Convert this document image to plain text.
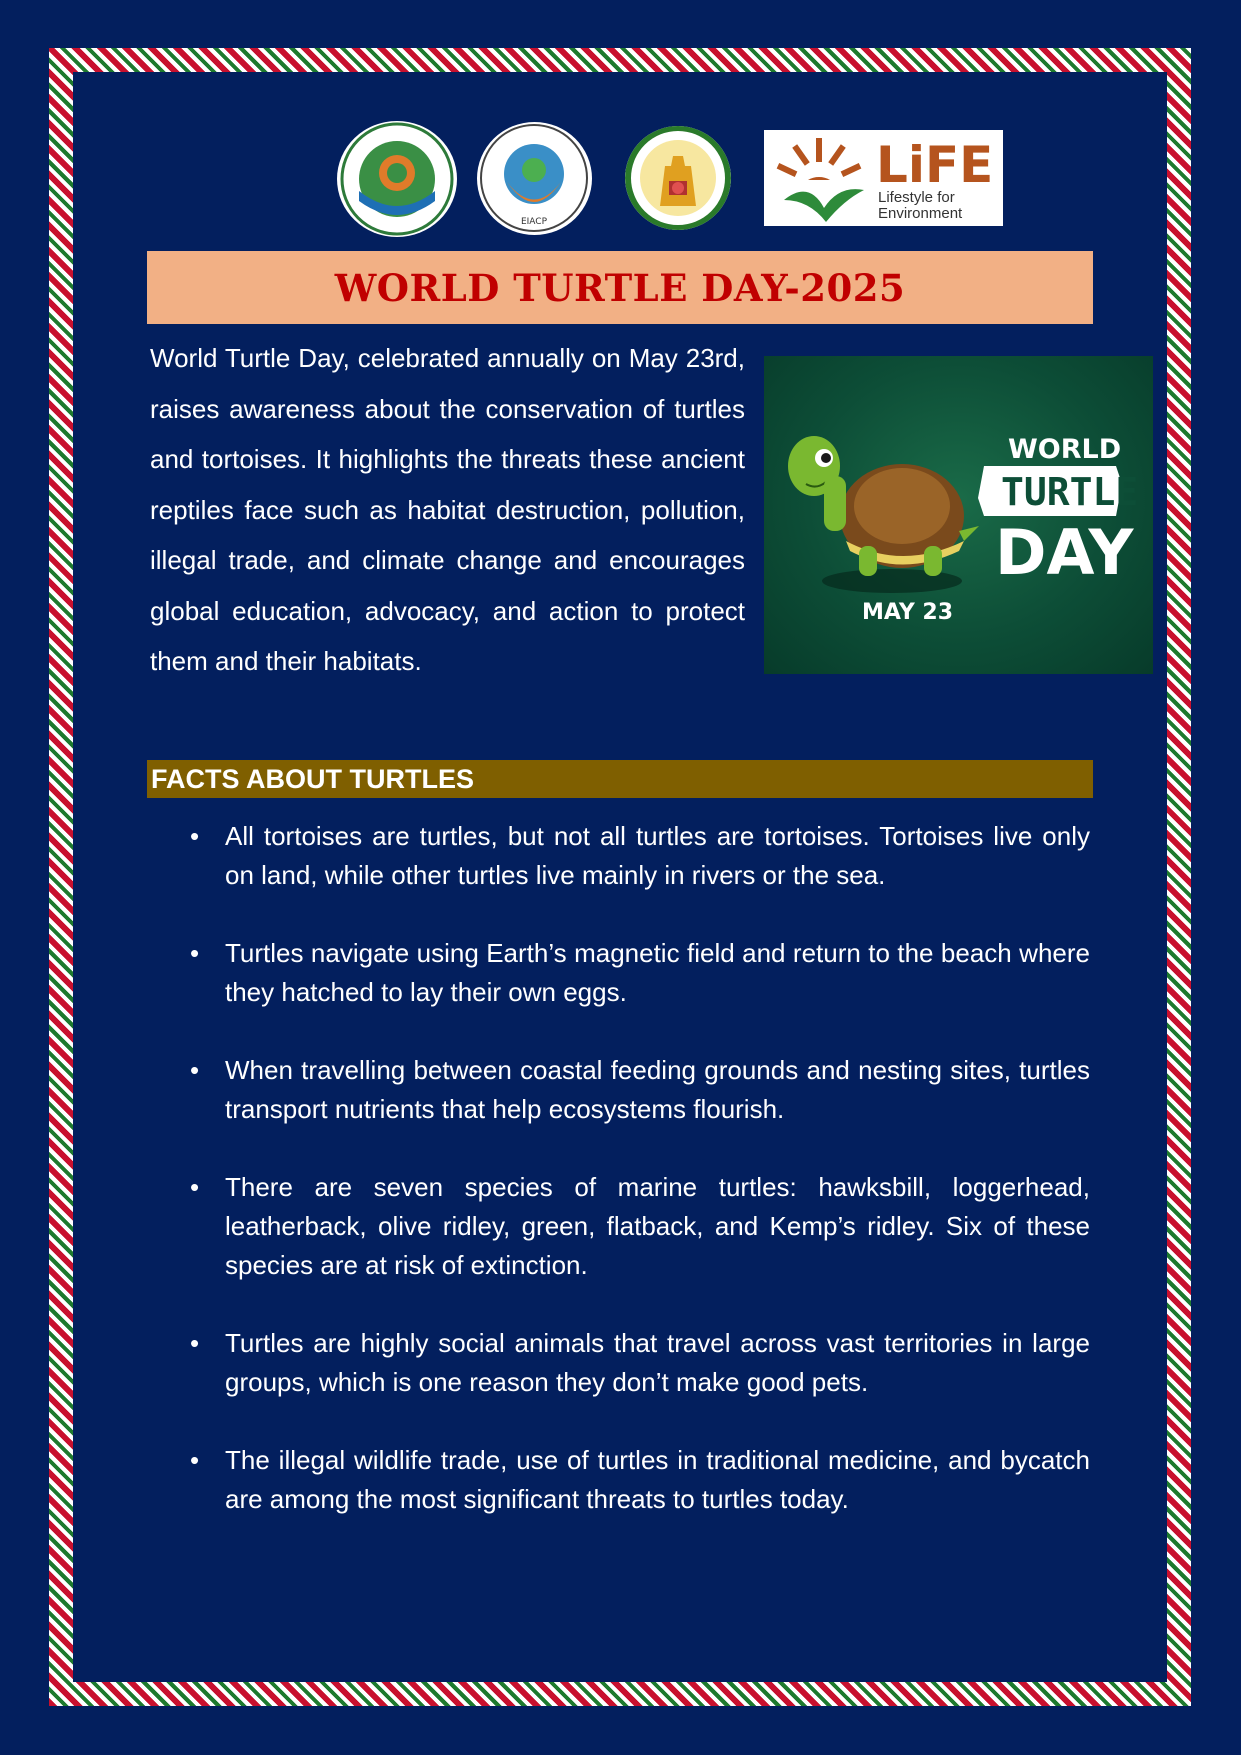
EIACP
LiFE
Lifestyle for
Environment
WORLD TURTLE DAY-2025

World Turtle Day, celebrated annually on May 23rd, raises awareness about the conservation of turtles and tortoises. It highlights the threats these ancient reptiles face such as habitat destruction, pollution, illegal trade, and climate change and encourages global education, advocacy, and action to protect them and their habitats.

WORLD
TURTLE
DAY
MAY 23
FACTS ABOUT TURTLES
• All tortoises are turtles, but not all turtles are tortoises. Tortoises live only on land, while other turtles live mainly in rivers or the sea.
• Turtles navigate using Earth’s magnetic field and return to the beach where they hatched to lay their own eggs.
• When travelling between coastal feeding grounds and nesting sites, turtles transport nutrients that help ecosystems flourish.
• There are seven species of marine turtles: hawksbill, loggerhead, leatherback, olive ridley, green, flatback, and Kemp’s ridley. Six of these species are at risk of extinction.
• Turtles are highly social animals that travel across vast territories in large groups, which is one reason they don’t make good pets.
• The illegal wildlife trade, use of turtles in traditional medicine, and bycatch are among the most significant threats to turtles today.
